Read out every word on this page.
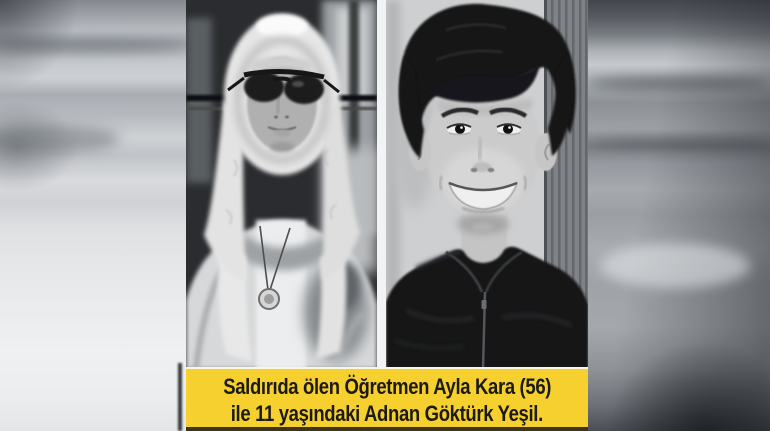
Saldırıda ölen Öğretmen Ayla Kara (56)
ile 11 yaşındaki Adnan Göktürk Yeşil.
